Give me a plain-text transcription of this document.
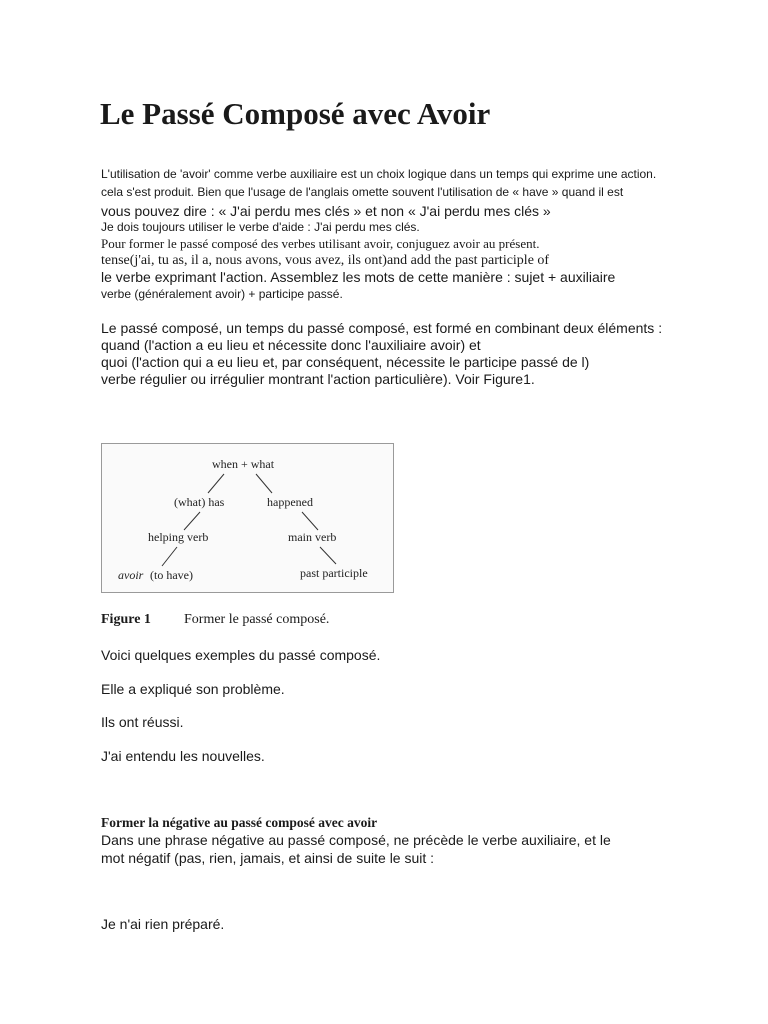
Le Passé Composé avec Avoir
L'utilisation de 'avoir' comme verbe auxiliaire est un choix logique dans un temps qui exprime une action.
cela s'est produit. Bien que l'usage de l'anglais omette souvent l'utilisation de « have » quand il est
vous pouvez dire : « J'ai perdu mes clés » et non « J'ai perdu mes clés »
Je dois toujours utiliser le verbe d'aide : J'ai perdu mes clés.
Pour former le passé composé des verbes utilisant avoir, conjuguez avoir au présent.
tense(j'ai, tu as, il a, nous avons, vous avez, ils ont)and add the past participle of
le verbe exprimant l'action. Assemblez les mots de cette manière : sujet + auxiliaire
verbe (généralement avoir) + participe passé.
Le passé composé, un temps du passé composé, est formé en combinant deux éléments :
quand (l'action a eu lieu et nécessite donc l'auxiliaire avoir) et
quoi (l'action qui a eu lieu et, par conséquent, nécessite le participe passé de l)
verbe régulier ou irrégulier montrant l'action particulière). Voir Figure1.
when + what
(what) has	happened
helping verb	main verb
avoir (to have)	past participle
Figure 1 Former le passé composé.
Voici quelques exemples du passé composé.
Elle a expliqué son problème.
Ils ont réussi.
J'ai entendu les nouvelles.
Former la négative au passé composé avec avoir
Dans une phrase négative au passé composé, ne précède le verbe auxiliaire, et le
mot négatif (pas, rien, jamais, et ainsi de suite le suit :
Je n'ai rien préparé.
